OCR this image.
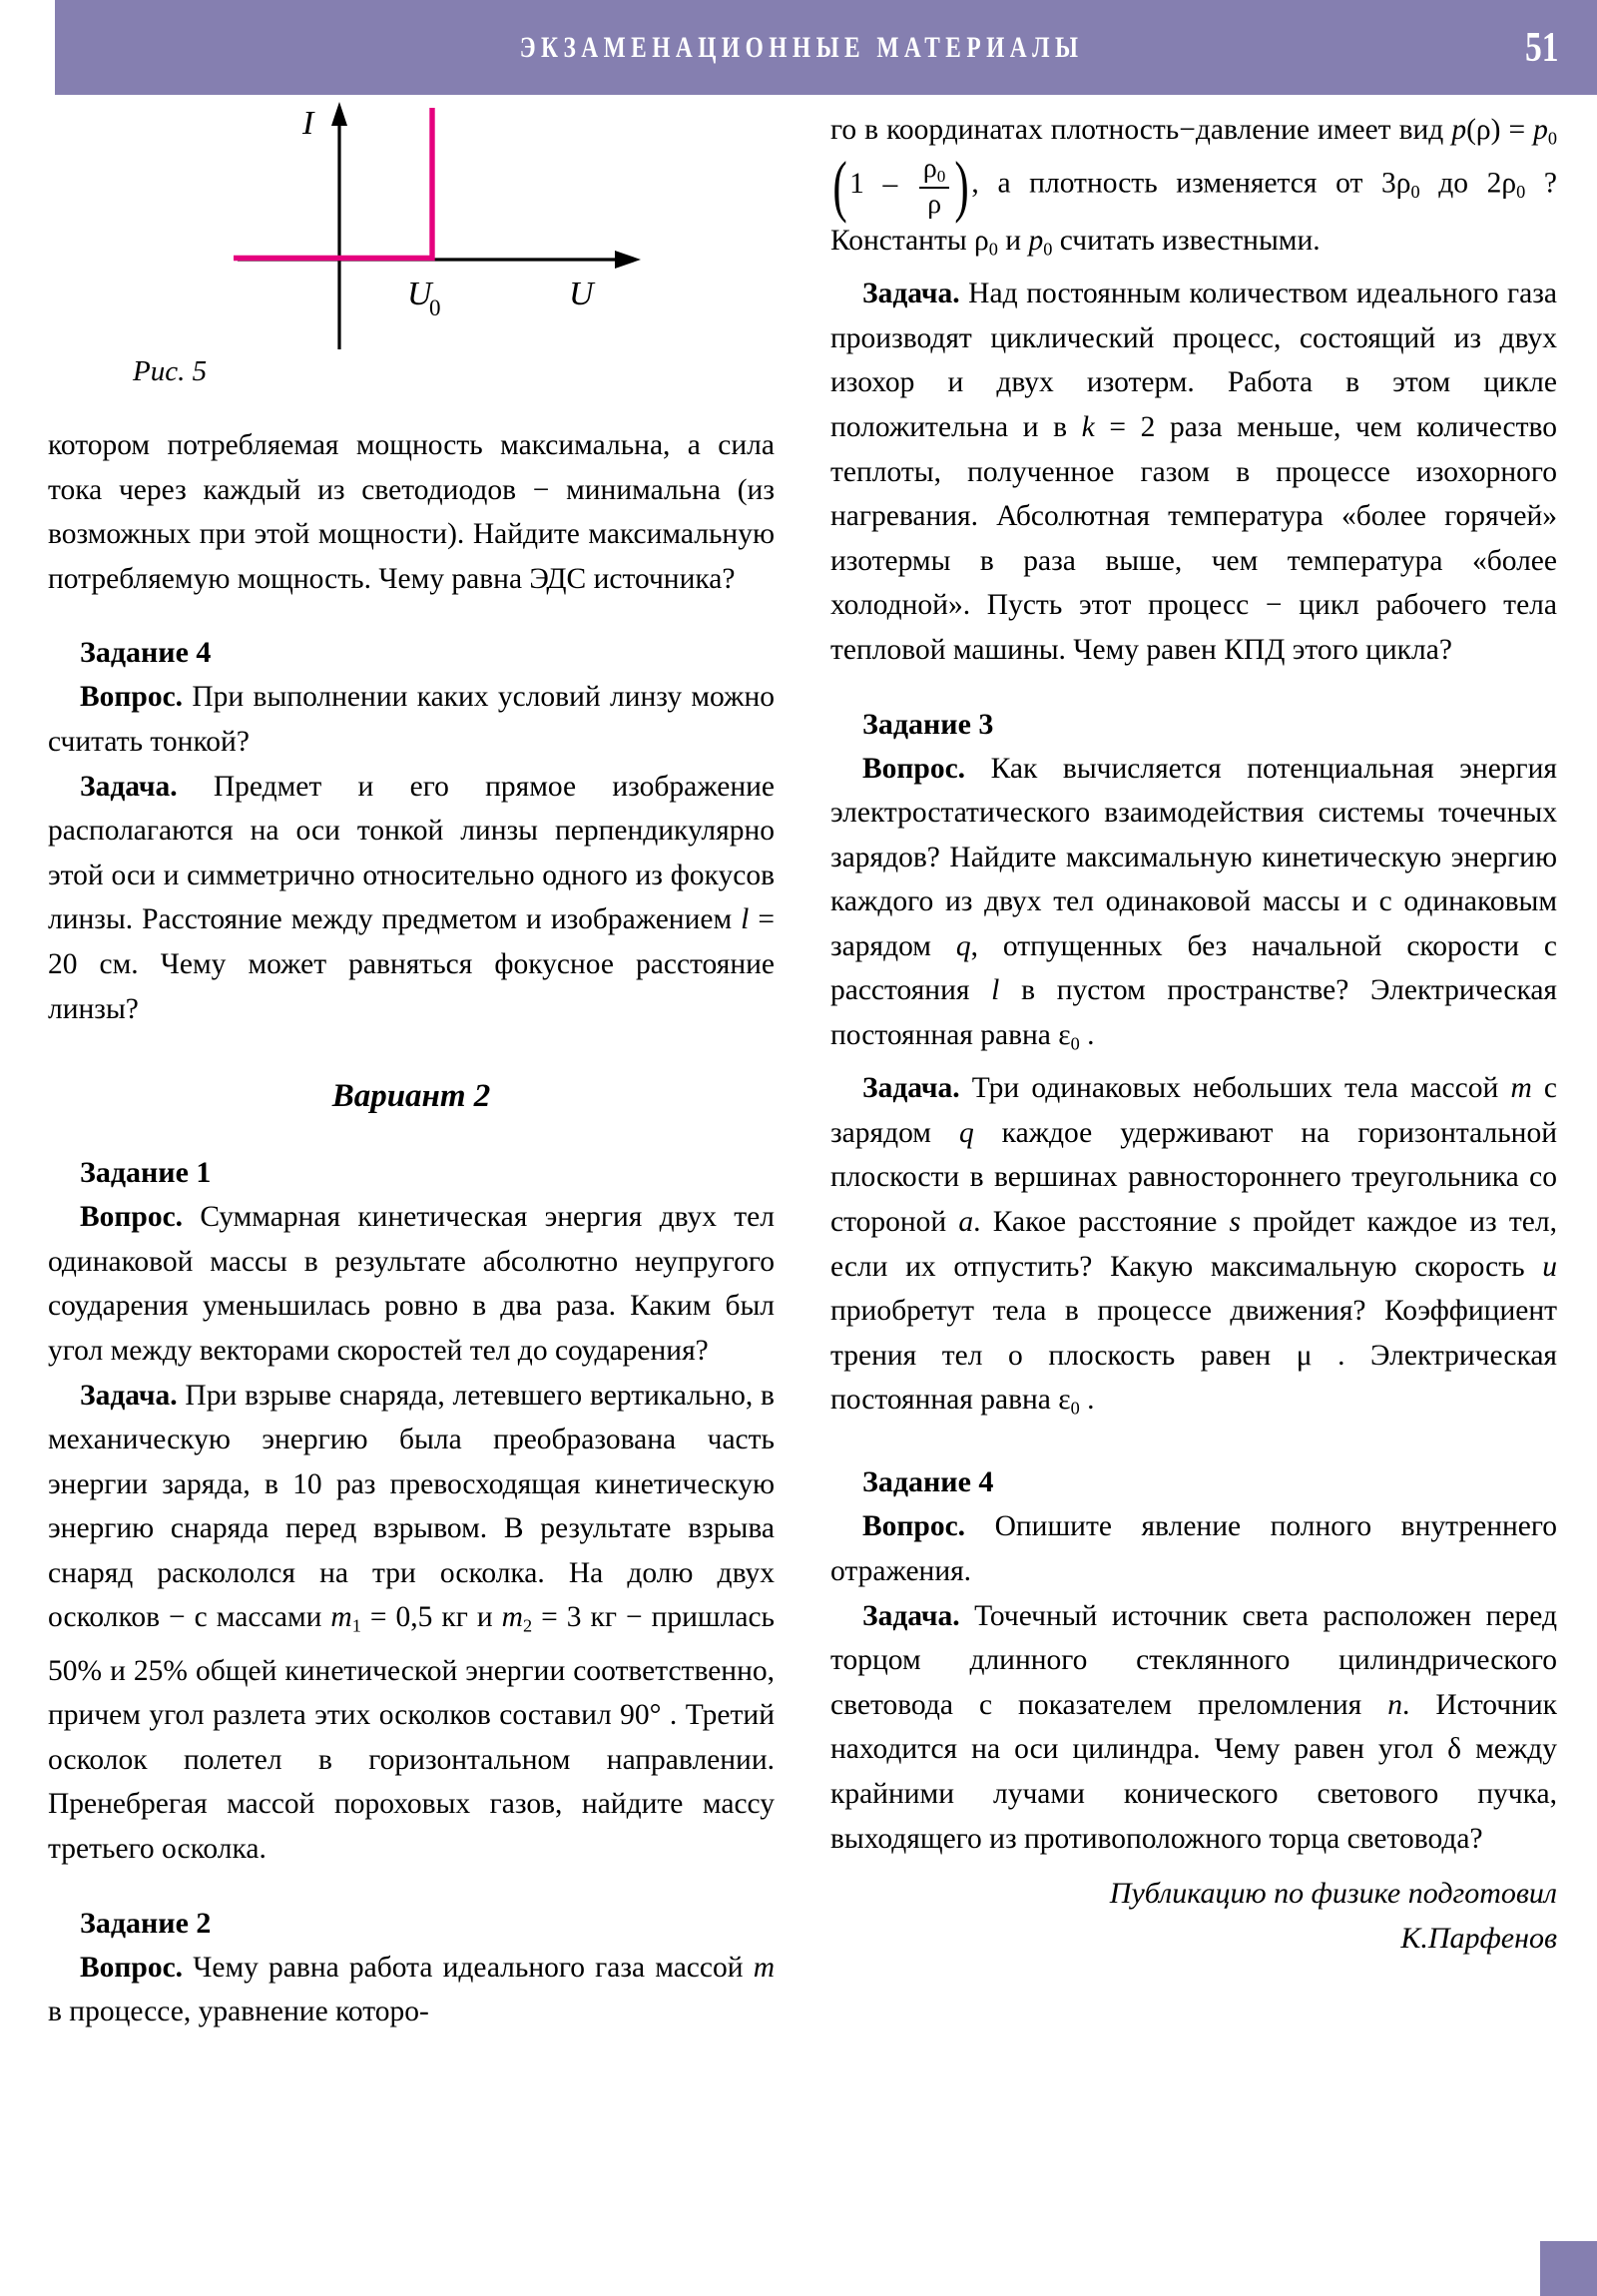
ЭКЗАМЕНАЦИОННЫЕ МАТЕРИАЛЫ	51
I
U
0	U
Рис. 5

котором потребляемая мощность максимальна, а сила тока через каждый из светодиодов − минимальна (из возможных при этой мощности). Найдите максимальную потребляемую мощность. Чему равна ЭДС источника?

Задание 4

Вопрос. При выполнении каких условий линзу можно считать тонкой?

Задача. Предмет и его прямое изображение располагаются на оси тонкой линзы перпендикулярно этой оси и симметрично относительно одного из фокусов линзы. Расстояние между предметом и изображением l = 20 см. Чему может равняться фокусное расстояние линзы?

Вариант 2
Задание 1

Вопрос. Суммарная кинетическая энергия двух тел одинаковой массы в результате абсолютно неупругого соударения уменьшилась ровно в два раза. Каким был угол между векторами скоростей тел до соударения?

Задача. При взрыве снаряда, летевшего вертикально, в механическую энергию была преобразована часть энергии заряда, в 10 раз превосходящая кинетическую энергию снаряда перед взрывом. В результате взрыва снаряд раскололся на три осколка. На долю двух осколков − с массами $m_1 = 0,5$ кг и $m_2 = 3$ кг − пришлась 50% и 25% общей кинетической энергии соответственно, причем угол разлета этих осколков составил 90° . Третий осколок полетел в горизонтальном направлении. Пренебрегая массой пороховых газов, найдите массу третьего осколка.

Задание 2

Вопрос. Чему равна работа идеального газа массой m в процессе, уравнение которо-

го в координатах плотность−давление имеет вид $p(\rho) = p_0(1 - \frac{\rho_0}{\rho}$ ), а плотность изменяется от $3\rho_0$ до $2\rho_0$ ? Константы $\rho_0$ и $p_0$ считать известными.

Задача. Над постоянным количеством идеального газа производят циклический процесс, состоящий из двух изохор и двух изотерм. Работа в этом цикле положительна и в k = 2 раза меньше, чем количество теплоты, полученное газом в процессе изохорного нагревания. Абсолютная температура «более горячей» изотермы в раза выше, чем температура «более холодной». Пусть этот процесс − цикл рабочего тела тепловой машины. Чему равен КПД этого цикла?

Задание 3

Вопрос. Как вычисляется потенциальная энергия электростатического взаимодействия системы точечных зарядов? Найдите максимальную кинетическую энергию каждого из двух тел одинаковой массы и с одинаковым зарядом q, отпущенных без начальной скорости с расстояния l в пустом пространстве? Электрическая постоянная равна $\varepsilon_0$ .

Задача. Три одинаковых небольших тела массой m с зарядом q каждое удерживают на горизонтальной плоскости в вершинах равностороннего треугольника со стороной a. Какое расстояние s пройдет каждое из тел, если их отпустить? Какую максимальную скорость u приобретут тела в процессе движения? Коэффициент трения тел о плоскость равен μ . Электрическая постоянная равна $\varepsilon_0$ .

Задание 4

Вопрос. Опишите явление полного внутреннего отражения.

Задача. Точечный источник света расположен перед торцом длинного стеклянного цилиндрического световода с показателем преломления n. Источник находится на оси цилиндра. Чему равен угол δ между крайними лучами конического светового пучка, выходящего из противоположного торца световода?

Публикацию по физике подготовил
К.Парфенов
